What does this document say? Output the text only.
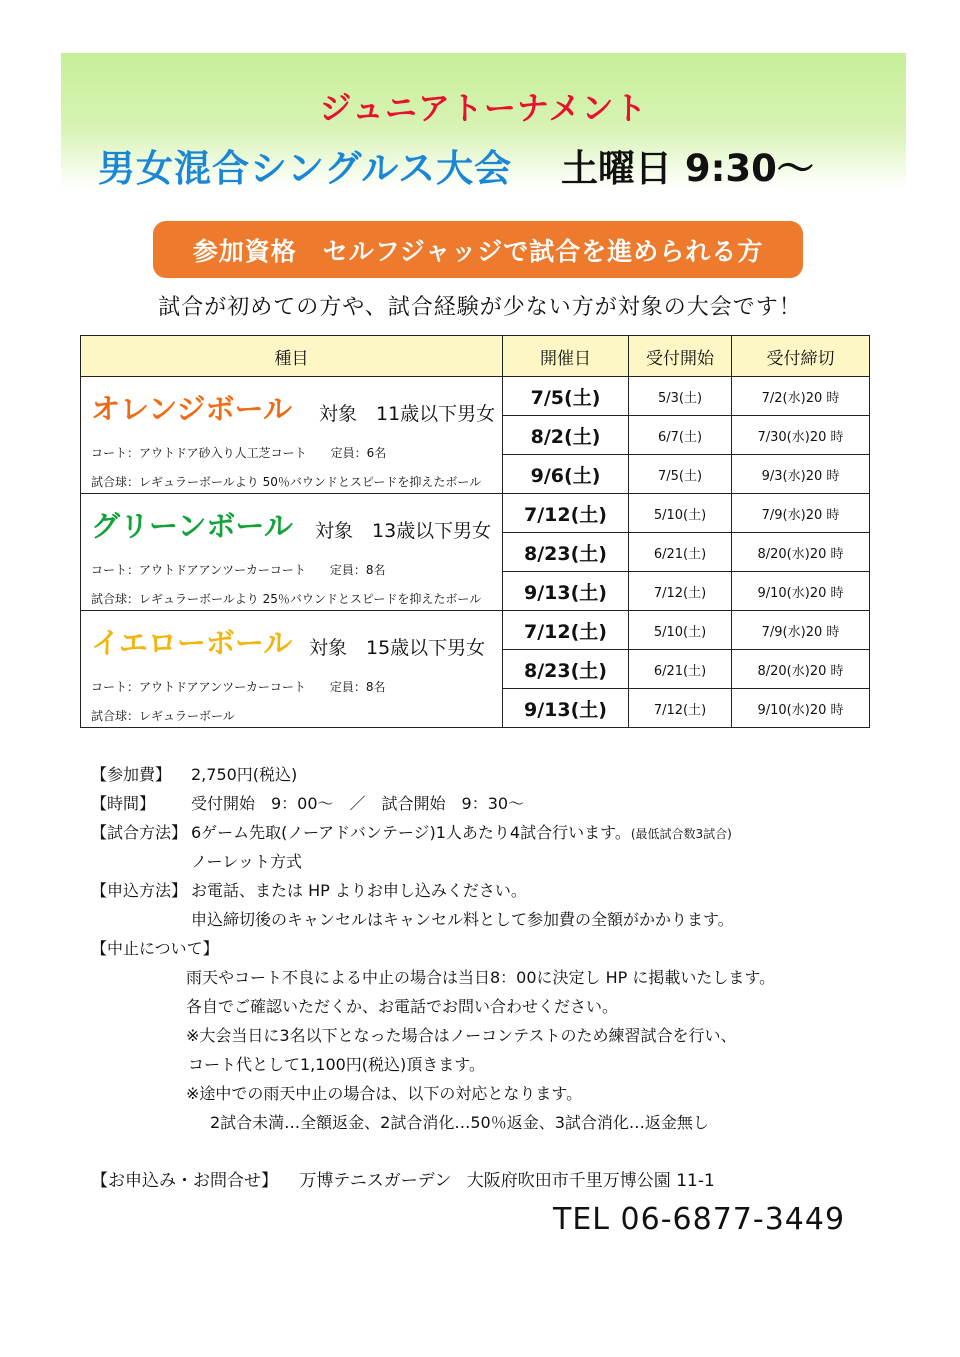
ジュニアトーナメント
男女混合シングルス大会 土曜日 9:30～
参加資格　セルフジャッジで試合を進められる方
試合が初めての方や、試合経験が少ない方が対象の大会です！
種目	開催日	受付開始	受付締切

オレンジボール 対象　11歳以下男女
コート：アウトドア砂入り人工芝コート　　定員：6名
試合球：レギュラーボールより 50％バウンドとスピードを抑えたボール	7/5(土)	5/3(土)	7/2(水)20 時
	8/2(土)	6/7(土)	7/30(水)20 時
	9/6(土)	7/5(土)	9/3(水)20 時

グリーンボール 対象　13歳以下男女
コート：アウトドアアンツーカーコート　　定員：8名
試合球：レギュラーボールより 25％バウンドとスピードを抑えたボール	7/12(土)	5/10(土)	7/9(水)20 時
	8/23(土)	6/21(土)	8/20(水)20 時
	9/13(土)	7/12(土)	9/10(水)20 時

イエローボール 対象　15歳以下男女
コート：アウトドアアンツーカーコート　　定員：8名
試合球：レギュラーボール	7/12(土)	5/10(土)	7/9(水)20 時
	8/23(土)	6/21(土)	8/20(水)20 時
	9/13(土)	7/12(土)	9/10(水)20 時
【参加費】 2,750円(税込)
【時間】 受付開始　9：00～　／　試合開始　9：30～
【試合方法】 6ゲーム先取(ノーアドバンテージ)1人あたり4試合行います。(最低試合数3試合)
ノーレット方式
【申込方法】 お電話、または HP よりお申し込みください。
申込締切後のキャンセルはキャンセル料として参加費の全額がかかります。
【中止について】
雨天やコート不良による中止の場合は当日8：00に決定し HP に掲載いたします。
各自でご確認いただくか、お電話でお問い合わせください。
※大会当日に3名以下となった場合はノーコンテストのため練習試合を行い、
コート代として1,100円(税込)頂きます。
※途中での雨天中止の場合は、以下の対応となります。
2試合未満…全額返金、2試合消化…50％返金、3試合消化…返金無し
【お申込み・お問合せ】 万博テニスガーデン 大阪府吹田市千里万博公園 11-1
TEL 06-6877-3449
